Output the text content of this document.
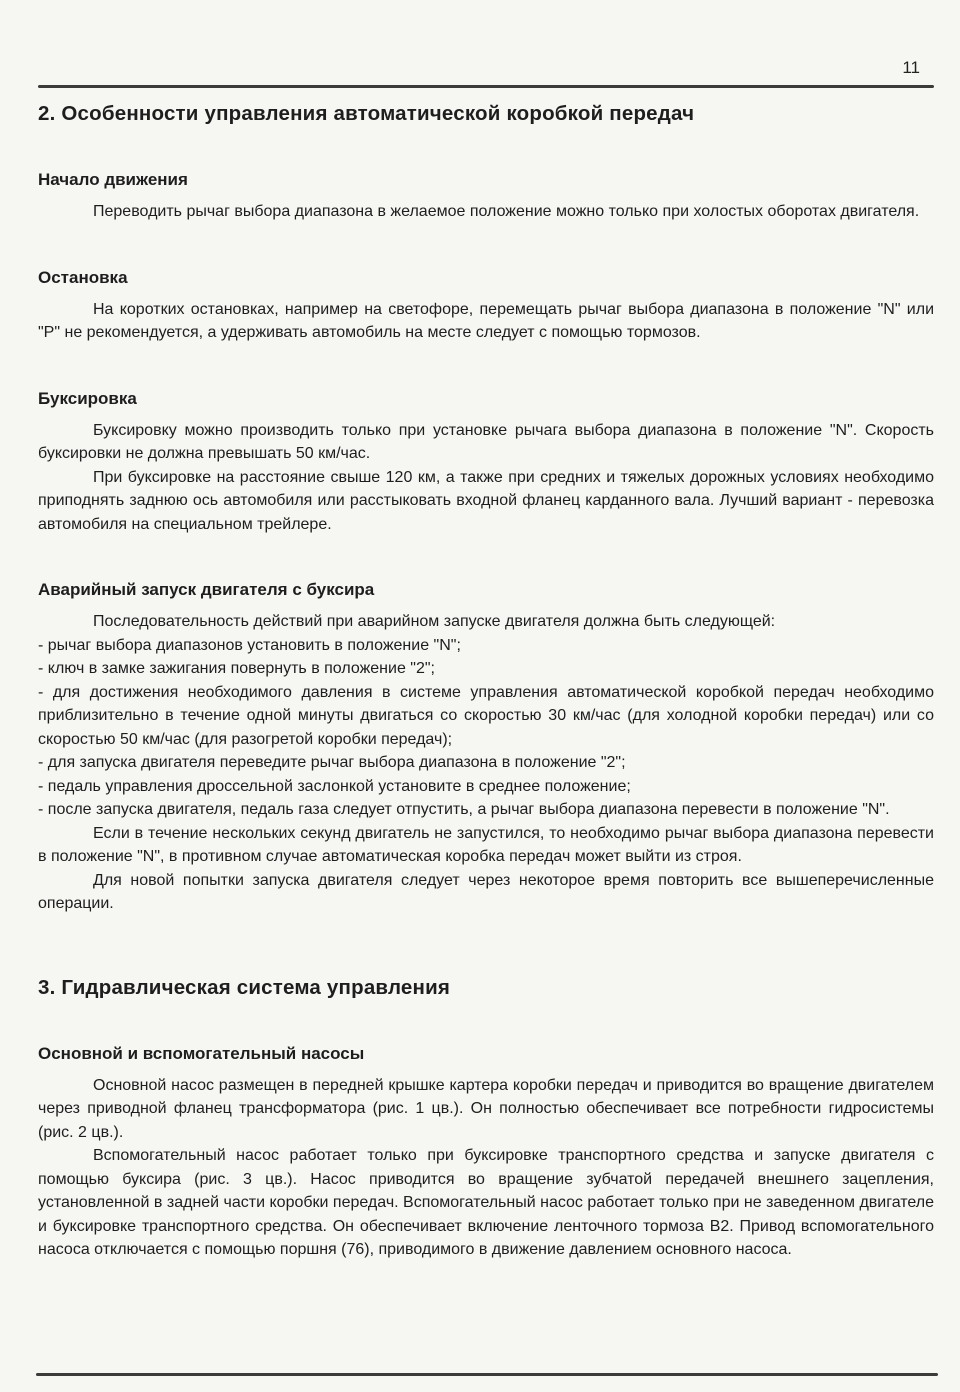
11
2. Особенности управления автоматической коробкой передач
Начало движения

Переводить рычаг выбора диапазона в желаемое положение можно только при холостых оборотах двигателя.

Остановка

На коротких остановках, например на светофоре, перемещать рычаг выбора диапазона в положение "N" или "P" не рекомендуется, а удерживать автомобиль на месте следует с помощью тормозов.

Буксировка

Буксировку можно производить только при установке рычага выбора диапазона в положение "N". Скорость буксировки не должна превышать 50 км/час.

При буксировке на расстояние свыше 120 км, а также при средних и тяжелых дорожных условиях необходимо приподнять заднюю ось автомобиля или расстыковать входной фланец карданного вала. Лучший вариант - перевозка автомобиля на специальном трейлере.

Аварийный запуск двигателя с буксира

Последовательность действий при аварийном запуске двигателя должна быть следующей:

- рычаг выбора диапазонов установить в положение "N";

- ключ в замке зажигания повернуть в положение "2";

- для достижения необходимого давления в системе управления автоматической коробкой передач необходимо приблизительно в течение одной минуты двигаться со скоростью 30 км/час (для холодной коробки передач) или со скоростью 50 км/час (для разогретой коробки передач);

- для запуска двигателя переведите рычаг выбора диапазона в положение "2";

- педаль управления дроссельной заслонкой установите в среднее положение;

- после запуска двигателя, педаль газа следует отпустить, а рычаг выбора диапазона перевести в положение "N".

Если в течение нескольких секунд двигатель не запустился, то необходимо рычаг выбора диапазона перевести в положение "N", в противном случае автоматическая коробка передач может выйти из строя.

Для новой попытки запуска двигателя следует через некоторое время повторить все вышеперечисленные операции.

3. Гидравлическая система управления
Основной и вспомогательный насосы

Основной насос размещен в передней крышке картера коробки передач и приводится во вращение двигателем через приводной фланец трансформатора (рис. 1 цв.). Он полностью обеспечивает все потребности гидросистемы (рис. 2 цв.).

Вспомогательный насос работает только при буксировке транспортного средства и запуске двигателя с помощью буксира (рис. 3 цв.). Насос приводится во вращение зубчатой передачей внешнего зацепления, установленной в задней части коробки передач. Вспомогательный насос работает только при не заведенном двигателе и буксировке транспортного средства. Он обеспечивает включение ленточного тормоза В2. Привод вспомогательного насоса отключается с помощью поршня (76), приводимого в движение давлением основного насоса.
